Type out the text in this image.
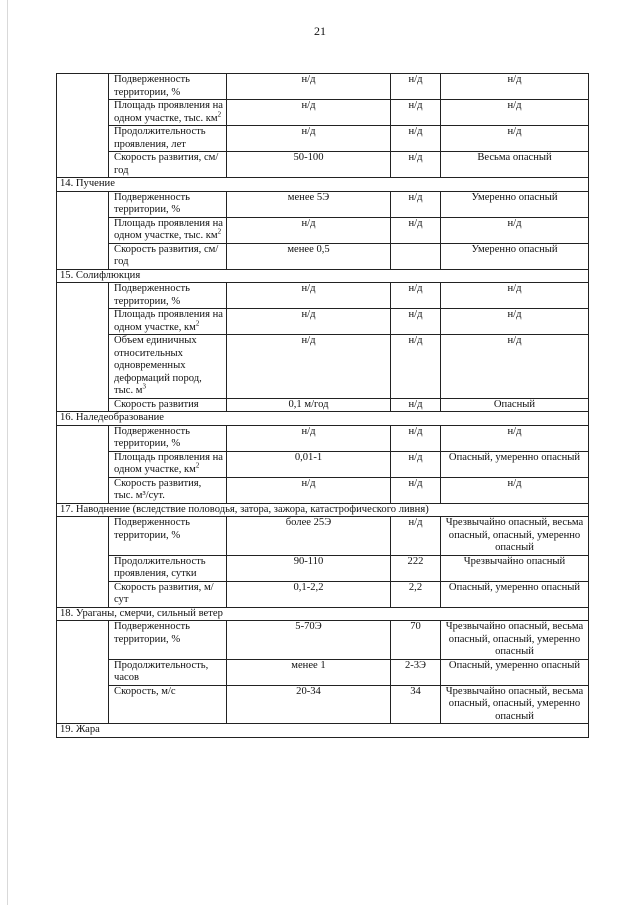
21
	Подверженность территории, %	н/д	н/д	н/д
	Площадь проявления на одном участке, тыс. $км^2$	н/д	н/д	н/д
	Продолжительность проявления, лет	н/д	н/д	н/д
	Скорость развития, см/год	50-100	н/д	Весьма опасный
14. Пучение				
	Подверженность территории, %	менее 5Э	н/д	Умеренно опасный
	Площадь проявления на одном участке, тыс. $км^2$	н/д	н/д	н/д
	Скорость развития, см/год	менее 0,5		Умеренно опасный
15. Солифлюкция				
	Подверженность территории, %	н/д	н/д	н/д
	Площадь проявления на одном участке, $км^2$	н/д	н/д	н/д
	Объем единичных относительных одновременных деформаций пород, тыс. $м^3$	н/д	н/д	н/д
	Скорость развития	0,1 м/год	н/д	Опасный
16. Наледеобразование				
	Подверженность территории, %	н/д	н/д	н/д
	Площадь проявления на одном участке, $км^2$	0,01-1	н/д	Опасный, умеренно опасный
	Скорость развития, тыс. м³/сут.	н/д	н/д	н/д
17. Наводнение (вследствие половодья, затора, зажора, катастрофического ливня)				
	Подверженность территории, %	более 25Э	н/д	Чрезвычайно опасный, весьма опасный, опасный, умеренно опасный
	Продолжительность проявления, сутки	90-110	222	Чрезвычайно опасный
	Скорость развития, м/сут	0,1-2,2	2,2	Опасный, умеренно опасный
18. Ураганы, смерчи, сильный ветер				
	Подверженность территории, %	5-70Э	70	Чрезвычайно опасный, весьма опасный, опасный, умеренно опасный
	Продолжительность, часов	менее 1	2-3Э	Опасный, умеренно опасный
	Скорость, м/с	20-34	34	Чрезвычайно опасный, весьма опасный, опасный, умеренно опасный
19. Жара				
